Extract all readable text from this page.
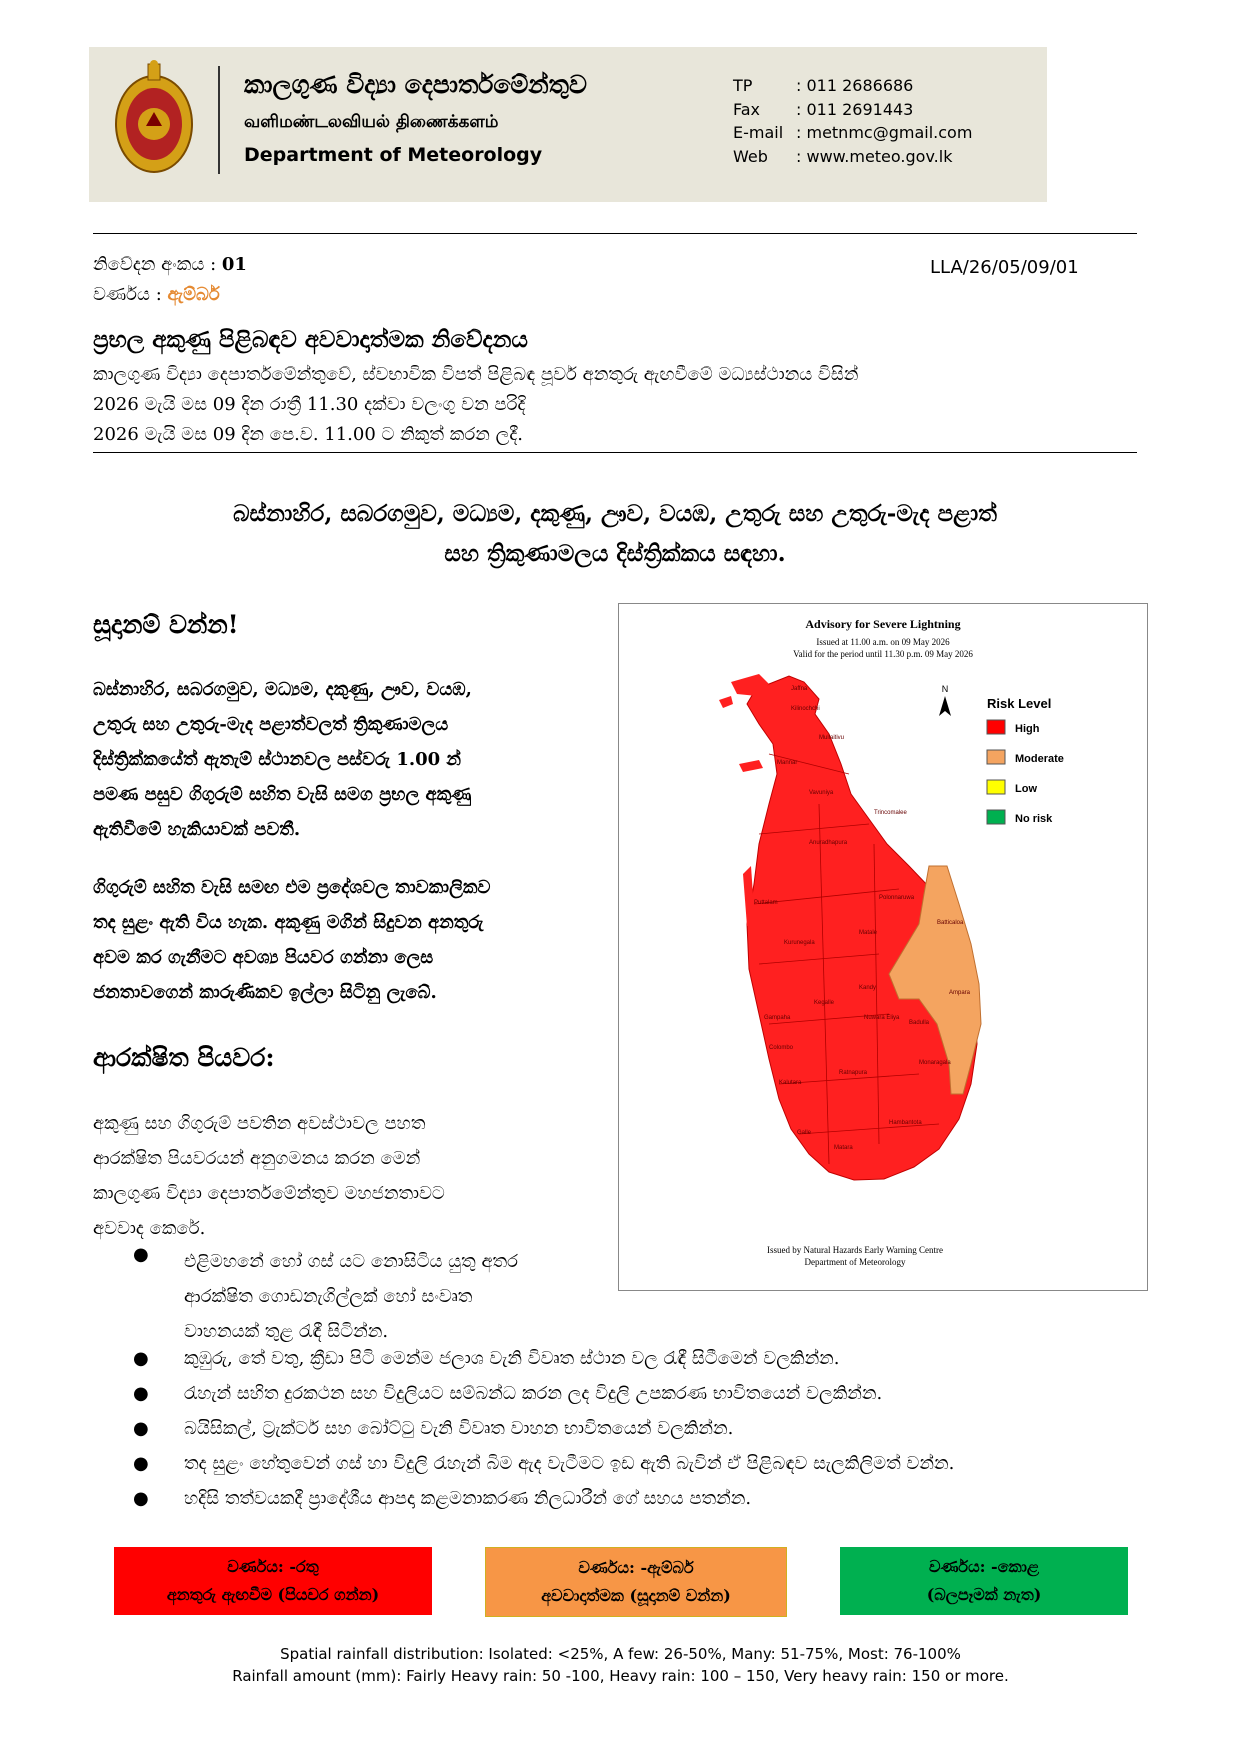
කාලගුණ විද්‍යා දෙපාර්තමේන්තුව
வளிமண்டலவியல் திணைக்களம்
Department of Meteorology
TP	: 011 2686686
Fax	: 011 2691443
E-mail : metnmc@gmail.com
Web	: www.meteo.gov.lk
නිවේදන අංකය : 01
වර්ණය : ඇම්බර්
LLA/26/05/09/01
ප්‍රභල අකුණු පිළිබඳව අවවාදාත්මක නිවේදනය
කාලගුණ විද්‍යා දෙපාර්තමේන්තුවේ, ස්වභාවික විපත් පිළිබඳ පූර්ව අනතුරු ඇඟවීමේ මධ්‍යස්ථානය විසින්
2026 මැයි මස 09 දින රාත්‍රී 11.30 දක්වා වලංගු වන පරිදි
2026 මැයි මස 09 දින පෙ.ව. 11.00 ට නිකුත් කරන ලදී.
බස්නාහිර, සබරගමුව, මධ්‍යම, දකුණු, ඌව, වයඹ, උතුරු සහ උතුරු-මැද පළාත්
සහ ත්‍රිකුණාමලය දිස්ත්‍රික්කය සඳහා.
සූදානම් වන්න!
බස්නාහිර, සබරගමුව, මධ්‍යම, දකුණු, ඌව, වයඹ,
උතුරු සහ උතුරු-මැද පළාත්වලත් ත්‍රිකුණාමලය
දිස්ත්‍රික්කයේත් ඇතැම් ස්ථානවල පස්වරු 1.00 න්
පමණ පසුව ගිගුරුම් සහිත වැසි සමග ප්‍රභල අකුණු
ඇතිවීමේ හැකියාවක් පවතී.
ගිගුරුම් සහිත වැසි සමඟ එම ප්‍රදේශවල තාවකාලිකව
තද සුළං ඇති විය හැක. අකුණු මගින් සිදුවන අනතුරු
අවම කර ගැනීමට අවශ්‍ය පියවර ගන්නා ලෙස
ජනතාවගෙන් කාරුණිකව ඉල්ලා සිටිනු ලැබේ.
ආරක්ෂිත පියවර:
අකුණු සහ ගිගුරුම් පවතින අවස්ථාවල පහත
ආරක්ෂිත පියවරයන් අනුගමනය කරන මෙන්
කාලගුණ විද්‍යා දෙපාර්තමේන්තුව මහජනතාවට
අවවාද කෙරේ.
● එළිමහනේ හෝ ගස් යට නොසිටිය යුතු අතර
ආරක්ෂිත ගොඩනැගිල්ලක් හෝ සංවෘත
වාහනයක් තුළ රැඳී සිටින්න.
● කුඹුරු, තේ වතු, ක්‍රීඩා පිටි මෙන්ම ජලාශ වැනි විවෘත ස්ථාන වල රැඳී සිටීමෙන් වලකින්න.
● රැහැන් සහිත දුරකථන සහ විදුලියට සම්බන්ධ කරන ලද විදුලි උපකරණ භාවිතයෙන් වලකින්න.
● බයිසිකල්, ට්‍රැක්ටර් සහ බෝට්ටු වැනි විවෘත වාහන භාවිතයෙන් වලකින්න.
● තද සුළං හේතුවෙන් ගස් හා විදුලි රැහැන් බිම ඇද වැටීමට ඉඩ ඇති බැවින් ඒ පිළිබඳව සැලකිලිමත් වන්න.
● හදිසි තත්වයකදී ප්‍රාදේශීය ආපදා කළමනාකරණ නිලධාරීන් ගේ සහය පතන්න.
Advisory for Severe Lightning
Issued at 11.00 a.m. on 09 May 2026
Valid for the period until 11.30 p.m. 09 May 2026
Jaffna
Kilinochchi
Mullaitivu
Mannar
Vavuniya
Trincomalee
Anuradhapura
Puttalam
Polonnaruwa
Batticaloa
Kurunegala
Matale
Kandy
Ampara
Kegalle
Nuwara Eliya
Badulla
Gampaha
Colombo
Kalutara
Ratnapura
Monaragala
Galle
Matara
Hambantota
N
Risk Level
High
Moderate
Low
No risk
Issued by Natural Hazards Early Warning Centre
Department of Meteorology
වර්ණය: -රතු
අනතුරු ඇඟවීම (පියවර ගන්න)
වර්ණය: -ඇම්බර්
අවවාදාත්මක (සූදානම් වන්න)
වර්ණය: -කොළ
(බලපෑමක් නැත)
Spatial rainfall distribution: Isolated: <25%, A few: 26-50%, Many: 51-75%, Most: 76-100%
Rainfall amount (mm): Fairly Heavy rain: 50 -100, Heavy rain: 100 – 150, Very heavy rain: 150 or more.
